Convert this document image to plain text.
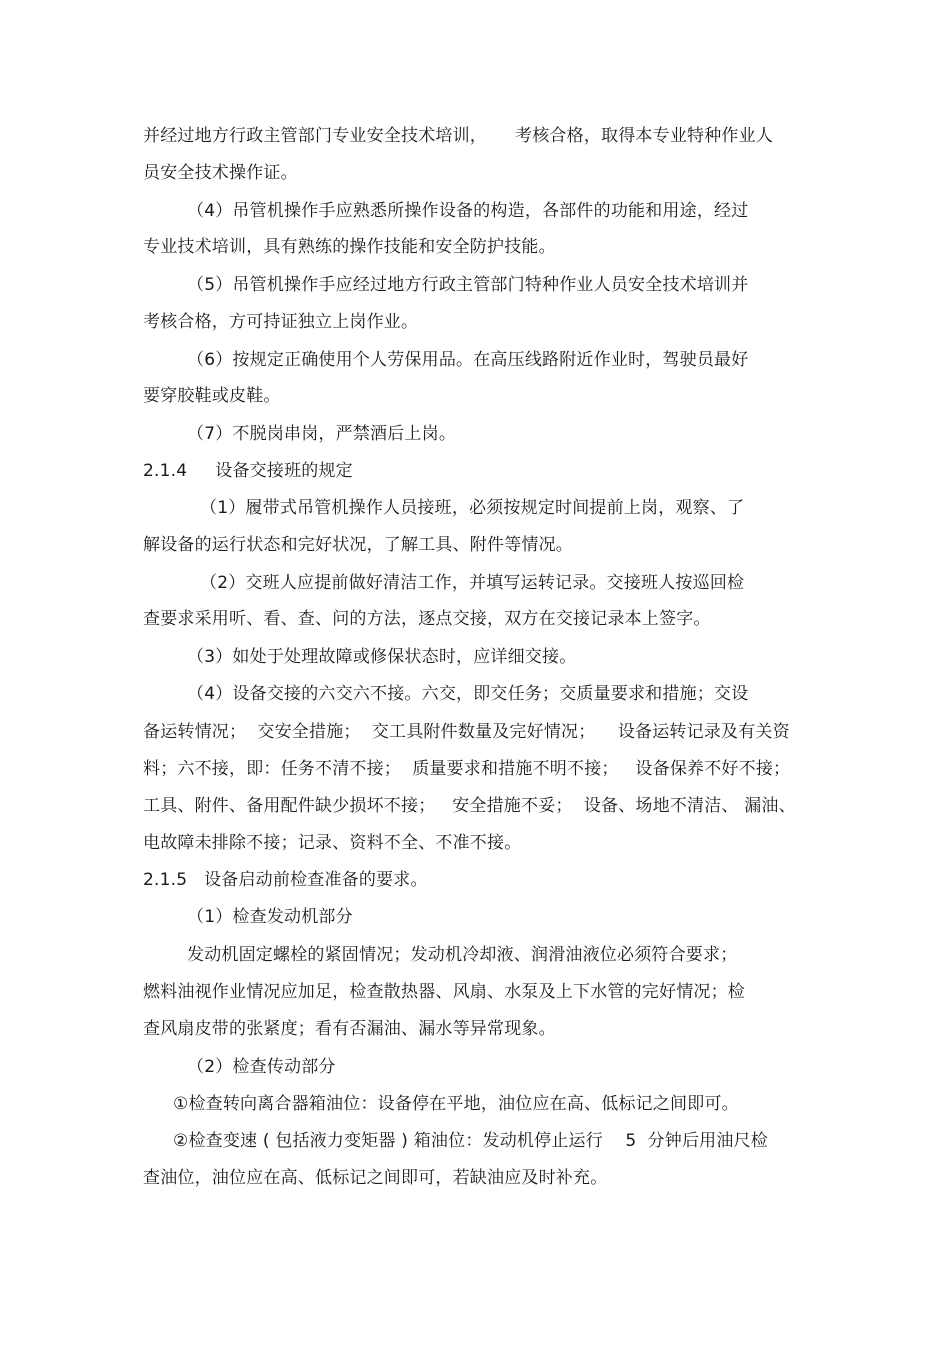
并经过地方行政主管部门专业安全技术培训，     考核合格，取得本专业特种作业人
员安全技术操作证。
（4）吊管机操作手应熟悉所操作设备的构造，各部件的功能和用途，经过
专业技术培训，具有熟练的操作技能和安全防护技能。
（5）吊管机操作手应经过地方行政主管部门特种作业人员安全技术培训并
考核合格，方可持证独立上岗作业。
（6）按规定正确使用个人劳保用品。在高压线路附近作业时，驾驶员最好
要穿胶鞋或皮鞋。
（7）不脱岗串岗，严禁酒后上岗。
2.1.4     设备交接班的规定
（1）履带式吊管机操作人员接班，必须按规定时间提前上岗，观察、了
解设备的运行状态和完好状况，了解工具、附件等情况。
（2）交班人应提前做好清洁工作，并填写运转记录。交接班人按巡回检
查要求采用听、看、查、问的方法，逐点交接，双方在交接记录本上签字。
（3）如处于处理故障或修保状态时，应详细交接。
（4）设备交接的六交六不接。六交，即交任务；交质量要求和措施；交设
备运转情况；  交安全措施；  交工具附件数量及完好情况；    设备运转记录及有关资
料；六不接，即：任务不清不接；  质量要求和措施不明不接；   设备保养不好不接；
工具、附件、备用配件缺少损坏不接；   安全措施不妥；  设备、场地不清洁、 漏油、
电故障未排除不接；记录、资料不全、不准不接。
2.1.5   设备启动前检查准备的要求。
（1）检查发动机部分
发动机固定螺栓的紧固情况；发动机冷却液、润滑油液位必须符合要求；
燃料油视作业情况应加足，检查散热器、风扇、水泵及上下水管的完好情况；检
查风扇皮带的张紧度；看有否漏油、漏水等异常现象。
（2）检查传动部分
①检查转向离合器箱油位：设备停在平地，油位应在高、低标记之间即可。
②检查变速 ( 包括液力变矩器 ) 箱油位：发动机停止运行    5  分钟后用油尺检
查油位，油位应在高、低标记之间即可，若缺油应及时补充。
